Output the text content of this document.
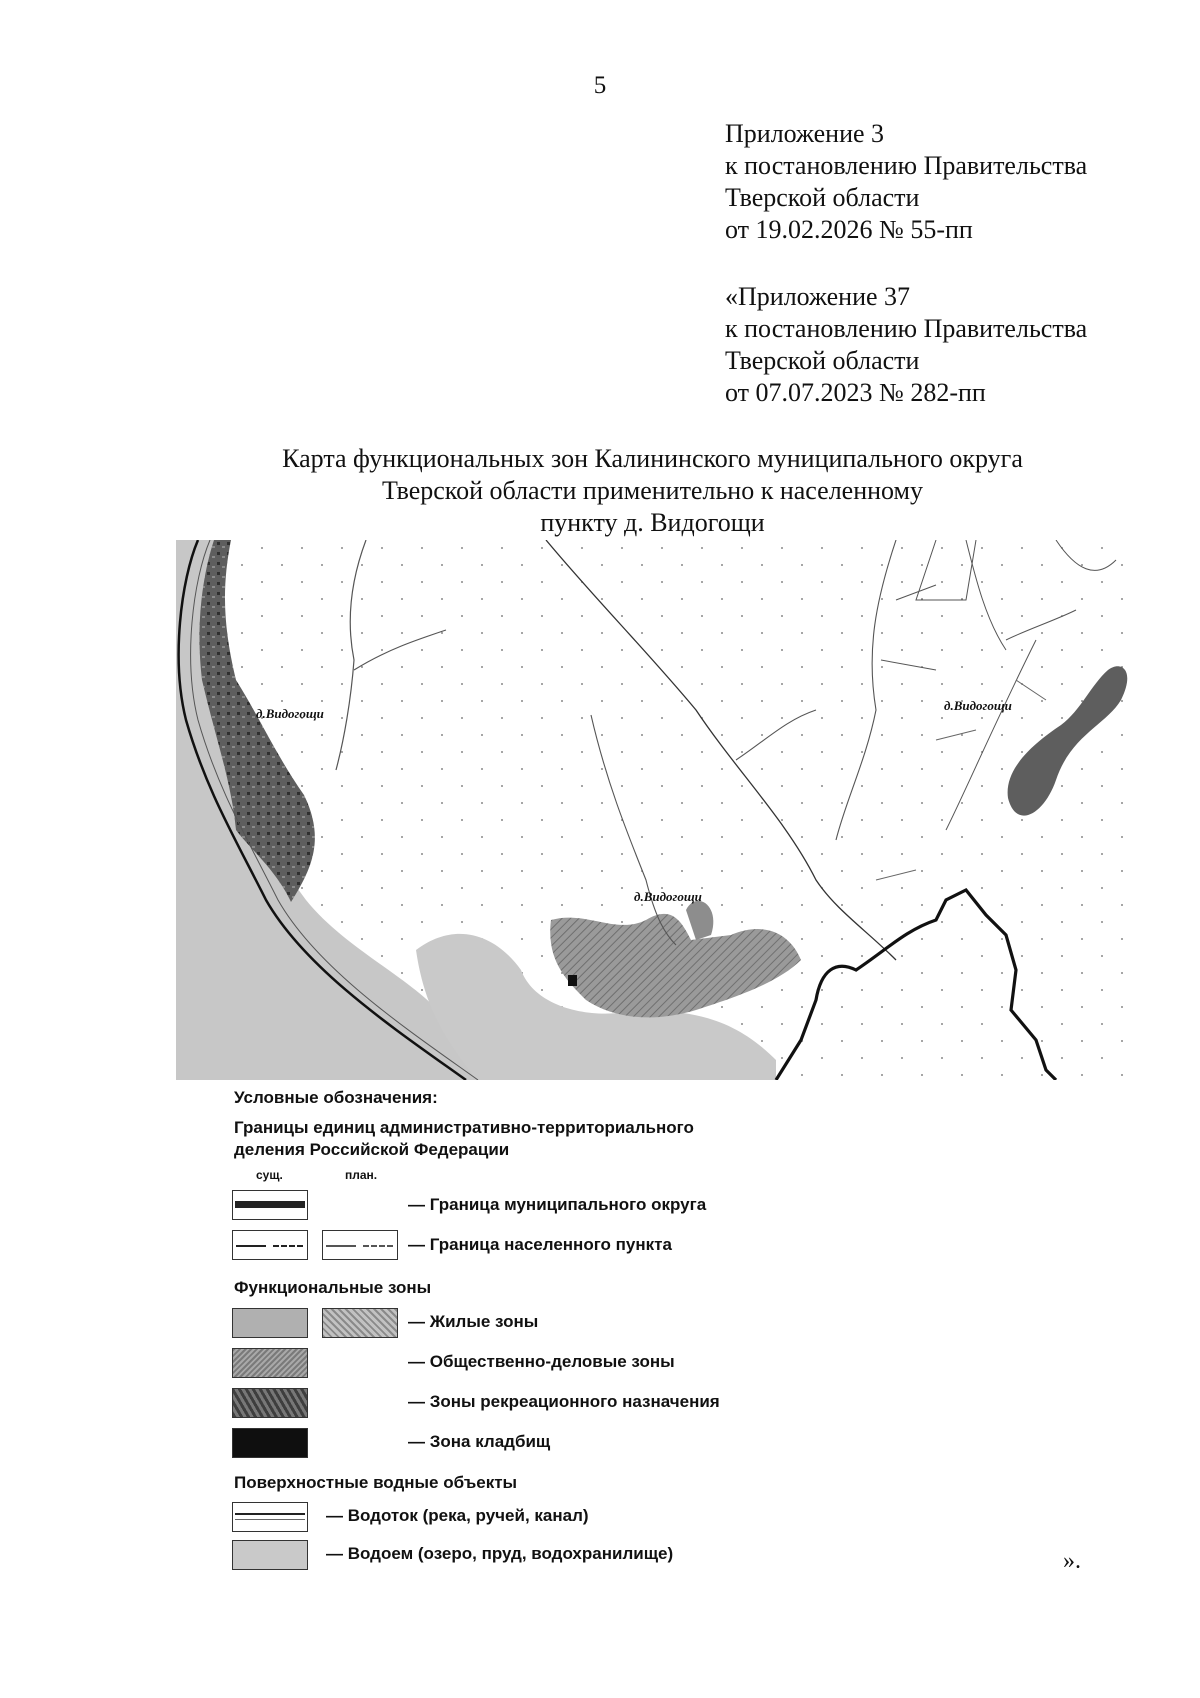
5
Приложение 3
к постановлению Правительства
Тверской области
от 19.02.2026 № 55-пп
«Приложение 37
к постановлению Правительства
Тверской области
от 07.07.2023 № 282-пп
Карта функциональных зон Калининского муниципального округа
Тверской области применительно к населенному
пункту д. Видогощи
д.Видогощи
д.Видогощи
д.Видогощи
Условные обозначения:
Границы единиц административно-территориального
деления Российской Федерации
сущ.	план.
— Граница муниципального округа
— Граница населенного пункта
Функциональные зоны
— Жилые зоны
— Общественно-деловые зоны
— Зоны рекреационного назначения
— Зона кладбищ
Поверхностные водные объекты
— Водоток (река, ручей, канал)
— Водоем (озеро, пруд, водохранилище)	».
